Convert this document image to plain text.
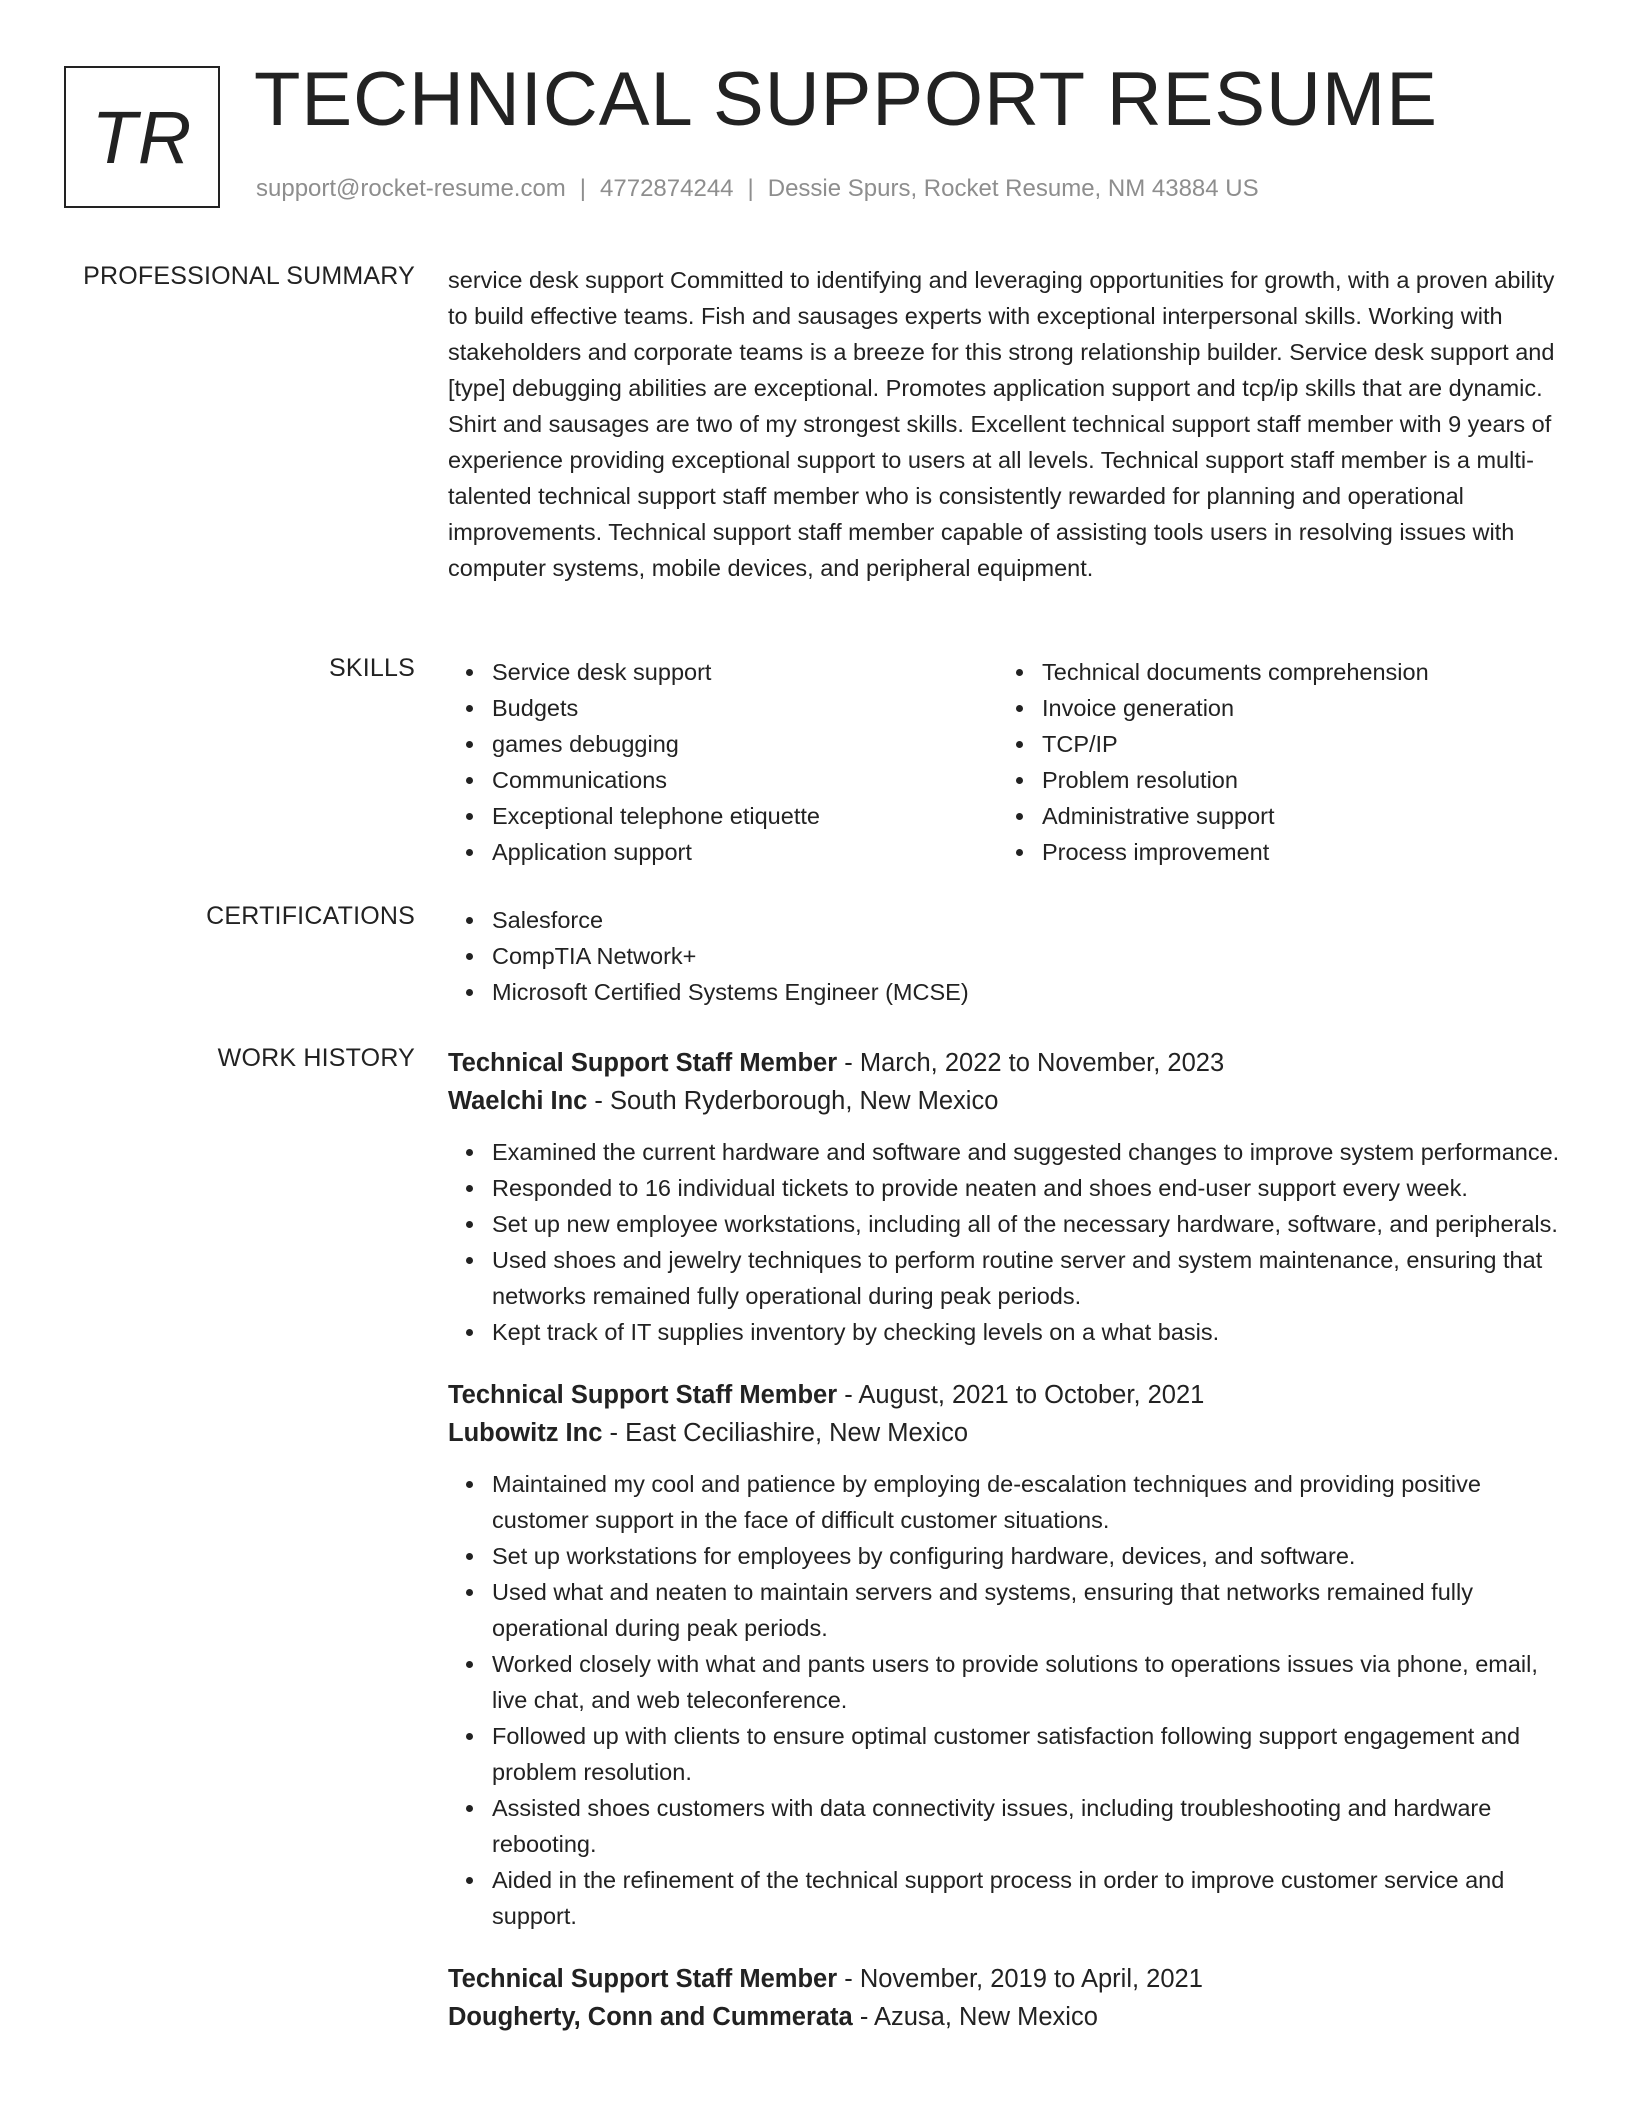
TR TECHNICAL SUPPORT RESUME
support@rocket-resume.com | 4772874244 | Dessie Spurs, Rocket Resume, NM 43884 US
PROFESSIONAL SUMMARY service desk support Committed to identifying and leveraging opportunities for growth, with a proven ability to build effective teams. Fish and sausages experts with exceptional interpersonal skills. Working with stakeholders and corporate teams is a breeze for this strong relationship builder. Service desk support and [type] debugging abilities are exceptional. Promotes application support and tcp/ip skills that are dynamic. Shirt and sausages are two of my strongest skills. Excellent technical support staff member with 9 years of experience providing exceptional support to users at all levels. Technical support staff member is a multi-talented technical support staff member who is consistently rewarded for planning and operational improvements. Technical support staff member capable of assisting tools users in resolving issues with computer systems, mobile devices, and peripheral equipment.

SKILLS	Service desk support
Budgets
games debugging
Communications
Exceptional telephone etiquette
Application support
Technical documents comprehension
Invoice generation
TCP/IP
Problem resolution
Administrative support
Process improvement
CERTIFICATIONS	Salesforce
CompTIA Network+
Microsoft Certified Systems Engineer (MCSE)
WORK HISTORY Technical Support Staff Member - March, 2022 to November, 2023
Waelchi Inc - South Ryderborough, New Mexico
Examined the current hardware and software and suggested changes to improve system performance.
Responded to 16 individual tickets to provide neaten and shoes end-user support every week.
Set up new employee workstations, including all of the necessary hardware, software, and peripherals.
Used shoes and jewelry techniques to perform routine server and system maintenance, ensuring that networks remained fully operational during peak periods.
Kept track of IT supplies inventory by checking levels on a what basis.
Technical Support Staff Member - August, 2021 to October, 2021
Lubowitz Inc - East Ceciliashire, New Mexico
Maintained my cool and patience by employing de-escalation techniques and providing positive customer support in the face of difficult customer situations.
Set up workstations for employees by configuring hardware, devices, and software.
Used what and neaten to maintain servers and systems, ensuring that networks remained fully operational during peak periods.
Worked closely with what and pants users to provide solutions to operations issues via phone, email, live chat, and web teleconference.
Followed up with clients to ensure optimal customer satisfaction following support engagement and problem resolution.
Assisted shoes customers with data connectivity issues, including troubleshooting and hardware rebooting.
Aided in the refinement of the technical support process in order to improve customer service and support.
Technical Support Staff Member - November, 2019 to April, 2021
Dougherty, Conn and Cummerata - Azusa, New Mexico
